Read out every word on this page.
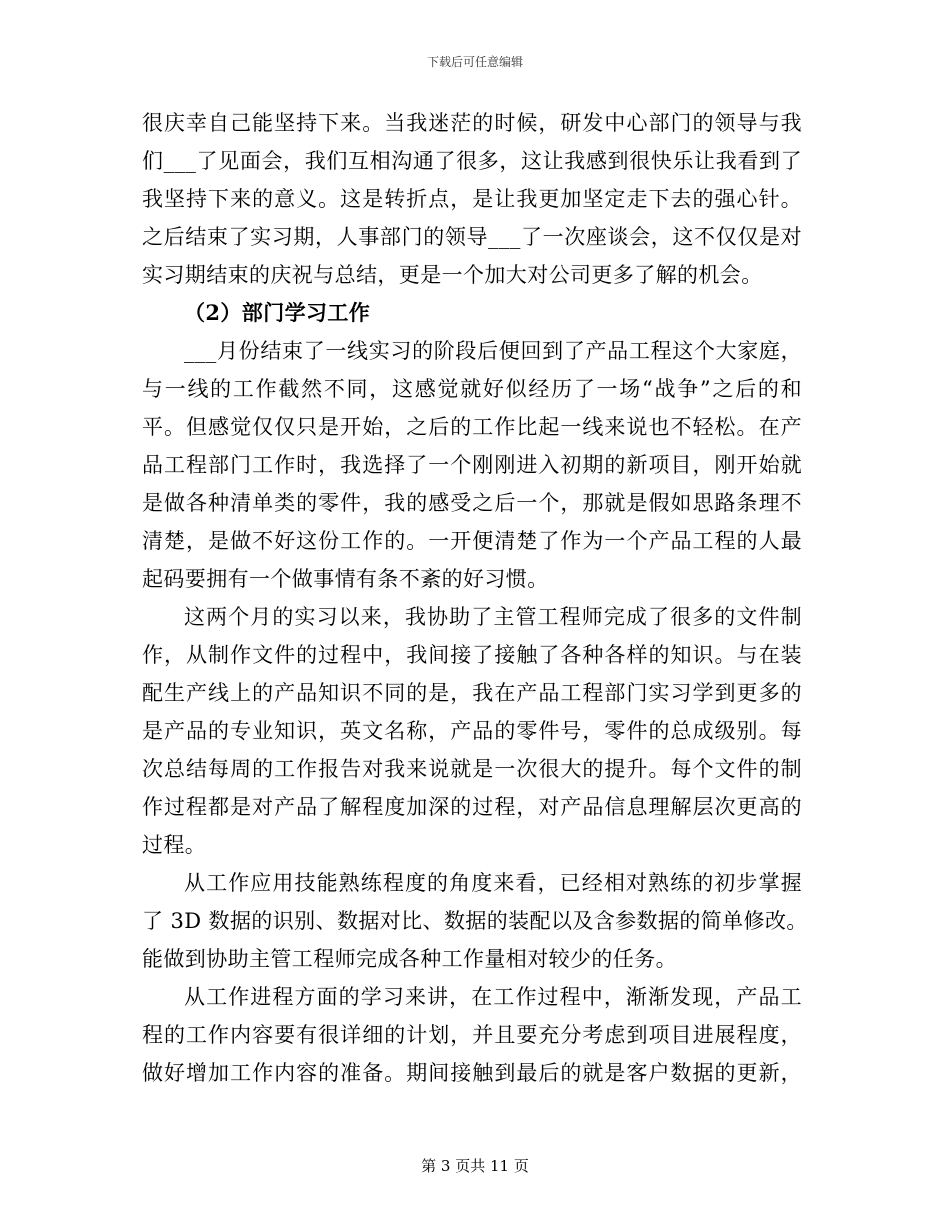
下载后可任意编辑
很庆幸自己能坚持下来。当我迷茫的时候，研发中心部门的领导与我
们___了见面会，我们互相沟通了很多，这让我感到很快乐让我看到了
我坚持下来的意义。这是转折点，是让我更加坚定走下去的强心针。
之后结束了实习期，人事部门的领导___了一次座谈会，这不仅仅是对
实习期结束的庆祝与总结，更是一个加大对公司更多了解的机会。
（2）部门学习工作
___月份结束了一线实习的阶段后便回到了产品工程这个大家庭，
与一线的工作截然不同，这感觉就好似经历了一场“战争”之后的和
平。但感觉仅仅只是开始，之后的工作比起一线来说也不轻松。在产
品工程部门工作时，我选择了一个刚刚进入初期的新项目，刚开始就
是做各种清单类的零件，我的感受之后一个，那就是假如思路条理不
清楚，是做不好这份工作的。一开便清楚了作为一个产品工程的人最
起码要拥有一个做事情有条不紊的好习惯。
这两个月的实习以来，我协助了主管工程师完成了很多的文件制
作，从制作文件的过程中，我间接了接触了各种各样的知识。与在装
配生产线上的产品知识不同的是，我在产品工程部门实习学到更多的
是产品的专业知识，英文名称，产品的零件号，零件的总成级别。每
次总结每周的工作报告对我来说就是一次很大的提升。每个文件的制
作过程都是对产品了解程度加深的过程，对产品信息理解层次更高的
过程。
从工作应用技能熟练程度的角度来看，已经相对熟练的初步掌握
了 3D 数据的识别、数据对比、数据的装配以及含参数据的简单修改。
能做到协助主管工程师完成各种工作量相对较少的任务。
从工作进程方面的学习来讲，在工作过程中，渐渐发现，产品工
程的工作内容要有很详细的计划，并且要充分考虑到项目进展程度，
做好增加工作内容的准备。期间接触到最后的就是客户数据的更新，
第 3 页共 11 页
